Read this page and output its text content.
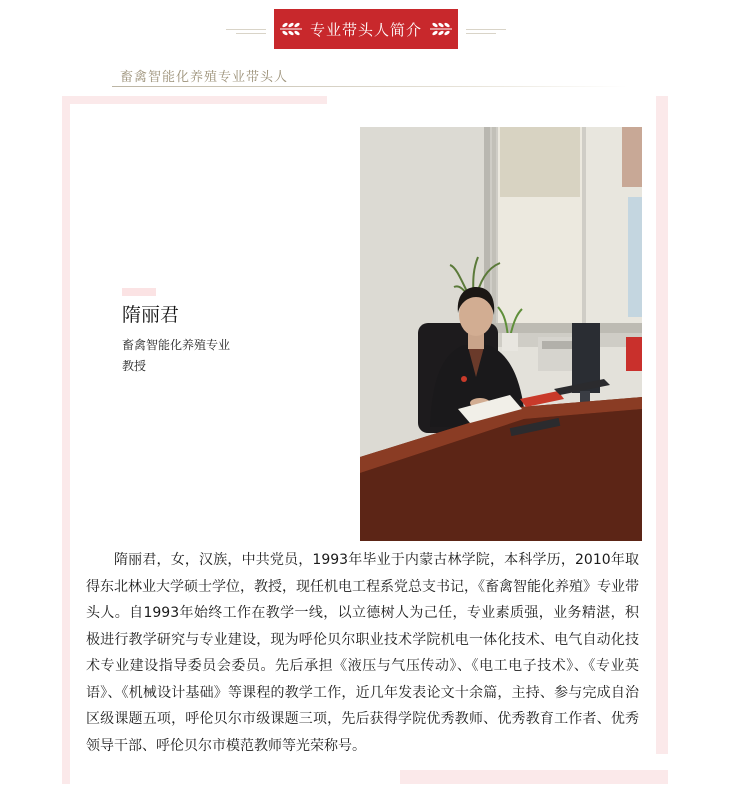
专业带头人简介
畜禽智能化养殖专业带头人
隋丽君
畜禽智能化养殖专业
教授

隋丽君，女，汉族，中共党员，1993年毕业于内蒙古林学院，本科学历，2010年取得东北林业大学硕士学位，教授，现任机电工程系党总支书记，《畜禽智能化养殖》专业带头人。自1993年始终工作在教学一线，以立德树人为己任，专业素质强，业务精湛，积极进行教学研究与专业建设，现为呼伦贝尔职业技术学院机电一体化技术、电气自动化技术专业建设指导委员会委员。先后承担《液压与气压传动》、《电工电子技术》、《专业英语》、《机械设计基础》等课程的教学工作，近几年发表论文十余篇，主持、参与完成自治区级课题五项，呼伦贝尔市级课题三项，先后获得学院优秀教师、优秀教育工作者、优秀领导干部、呼伦贝尔市模范教师等光荣称号。
